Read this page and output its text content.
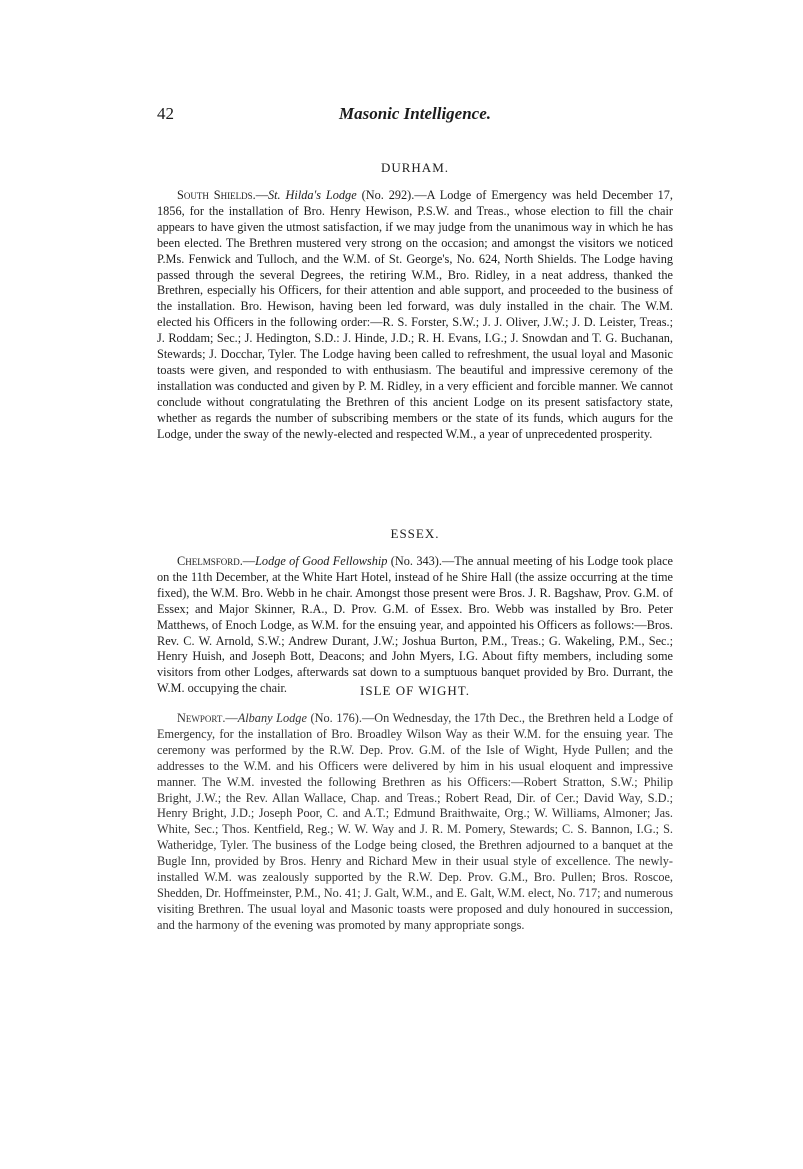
42	Masonic Intelligence.
DURHAM.

South Shields.—St. Hilda's Lodge (No. 292).—A Lodge of Emergency was held December 17, 1856, for the installation of Bro. Henry Hewison, P.S.W. and Treas., whose election to fill the chair appears to have given the utmost satisfaction, if we may judge from the unanimous way in which he has been elected. The Brethren mustered very strong on the occasion; and amongst the visitors we noticed P.Ms. Fenwick and Tulloch, and the W.M. of St. George's, No. 624, North Shields. The Lodge having passed through the several Degrees, the retiring W.M., Bro. Ridley, in a neat address, thanked the Brethren, especially his Officers, for their attention and able support, and proceeded to the business of the installation. Bro. Hewison, having been led forward, was duly installed in the chair. The W.M. elected his Officers in the following order:—R. S. Forster, S.W.; J. J. Oliver, J.W.; J. D. Leister, Treas.; J. Roddam; Sec.; J. Hedington, S.D.: J. Hinde, J.D.; R. H. Evans, I.G.; J. Snowdan and T. G. Buchanan, Stewards; J. Docchar, Tyler. The Lodge having been called to refreshment, the usual loyal and Masonic toasts were given, and responded to with enthusiasm. The beautiful and impressive ceremony of the installation was conducted and given by P. M. Ridley, in a very efficient and forcible manner. We cannot conclude without congratulating the Brethren of this ancient Lodge on its present satisfactory state, whether as regards the number of subscribing members or the state of its funds, which augurs for the Lodge, under the sway of the newly-elected and respected W.M., a year of unprecedented prosperity.

ESSEX.

Chelmsford.—Lodge of Good Fellowship (No. 343).—The annual meeting of his Lodge took place on the 11th December, at the White Hart Hotel, instead of he Shire Hall (the assize occurring at the time fixed), the W.M. Bro. Webb in he chair. Amongst those present were Bros. J. R. Bagshaw, Prov. G.M. of Essex; and Major Skinner, R.A., D. Prov. G.M. of Essex. Bro. Webb was installed by Bro. Peter Matthews, of Enoch Lodge, as W.M. for the ensuing year, and appointed his Officers as follows:—Bros. Rev. C. W. Arnold, S.W.; Andrew Durant, J.W.; Joshua Burton, P.M., Treas.; G. Wakeling, P.M., Sec.; Henry Huish, and Joseph Bott, Deacons; and John Myers, I.G. About fifty members, including some visitors from other Lodges, afterwards sat down to a sumptuous banquet provided by Bro. Durrant, the W.M. occupying the chair.	ISLE OF WIGHT.

Newport.—Albany Lodge (No. 176).—On Wednesday, the 17th Dec., the Brethren held a Lodge of Emergency, for the installation of Bro. Broadley Wilson Way as their W.M. for the ensuing year. The ceremony was performed by the R.W. Dep. Prov. G.M. of the Isle of Wight, Hyde Pullen; and the addresses to the W.M. and his Officers were delivered by him in his usual eloquent and impressive manner. The W.M. invested the following Brethren as his Officers:—Robert Stratton, S.W.; Philip Bright, J.W.; the Rev. Allan Wallace, Chap. and Treas.; Robert Read, Dir. of Cer.; David Way, S.D.; Henry Bright, J.D.; Joseph Poor, C. and A.T.; Edmund Braithwaite, Org.; W. Williams, Almoner; Jas. White, Sec.; Thos. Kentfield, Reg.; W. W. Way and J. R. M. Pomery, Stewards; C. S. Bannon, I.G.; S. Watheridge, Tyler. The business of the Lodge being closed, the Brethren adjourned to a banquet at the Bugle Inn, provided by Bros. Henry and Richard Mew in their usual style of excellence. The newly-installed W.M. was zealously supported by the R.W. Dep. Prov. G.M., Bro. Pullen; Bros. Roscoe, Shedden, Dr. Hoffmeinster, P.M., No. 41; J. Galt, W.M., and E. Galt, W.M. elect, No. 717; and numerous visiting Brethren. The usual loyal and Masonic toasts were proposed and duly honoured in succession, and the harmony of the evening was promoted by many appropriate songs.
